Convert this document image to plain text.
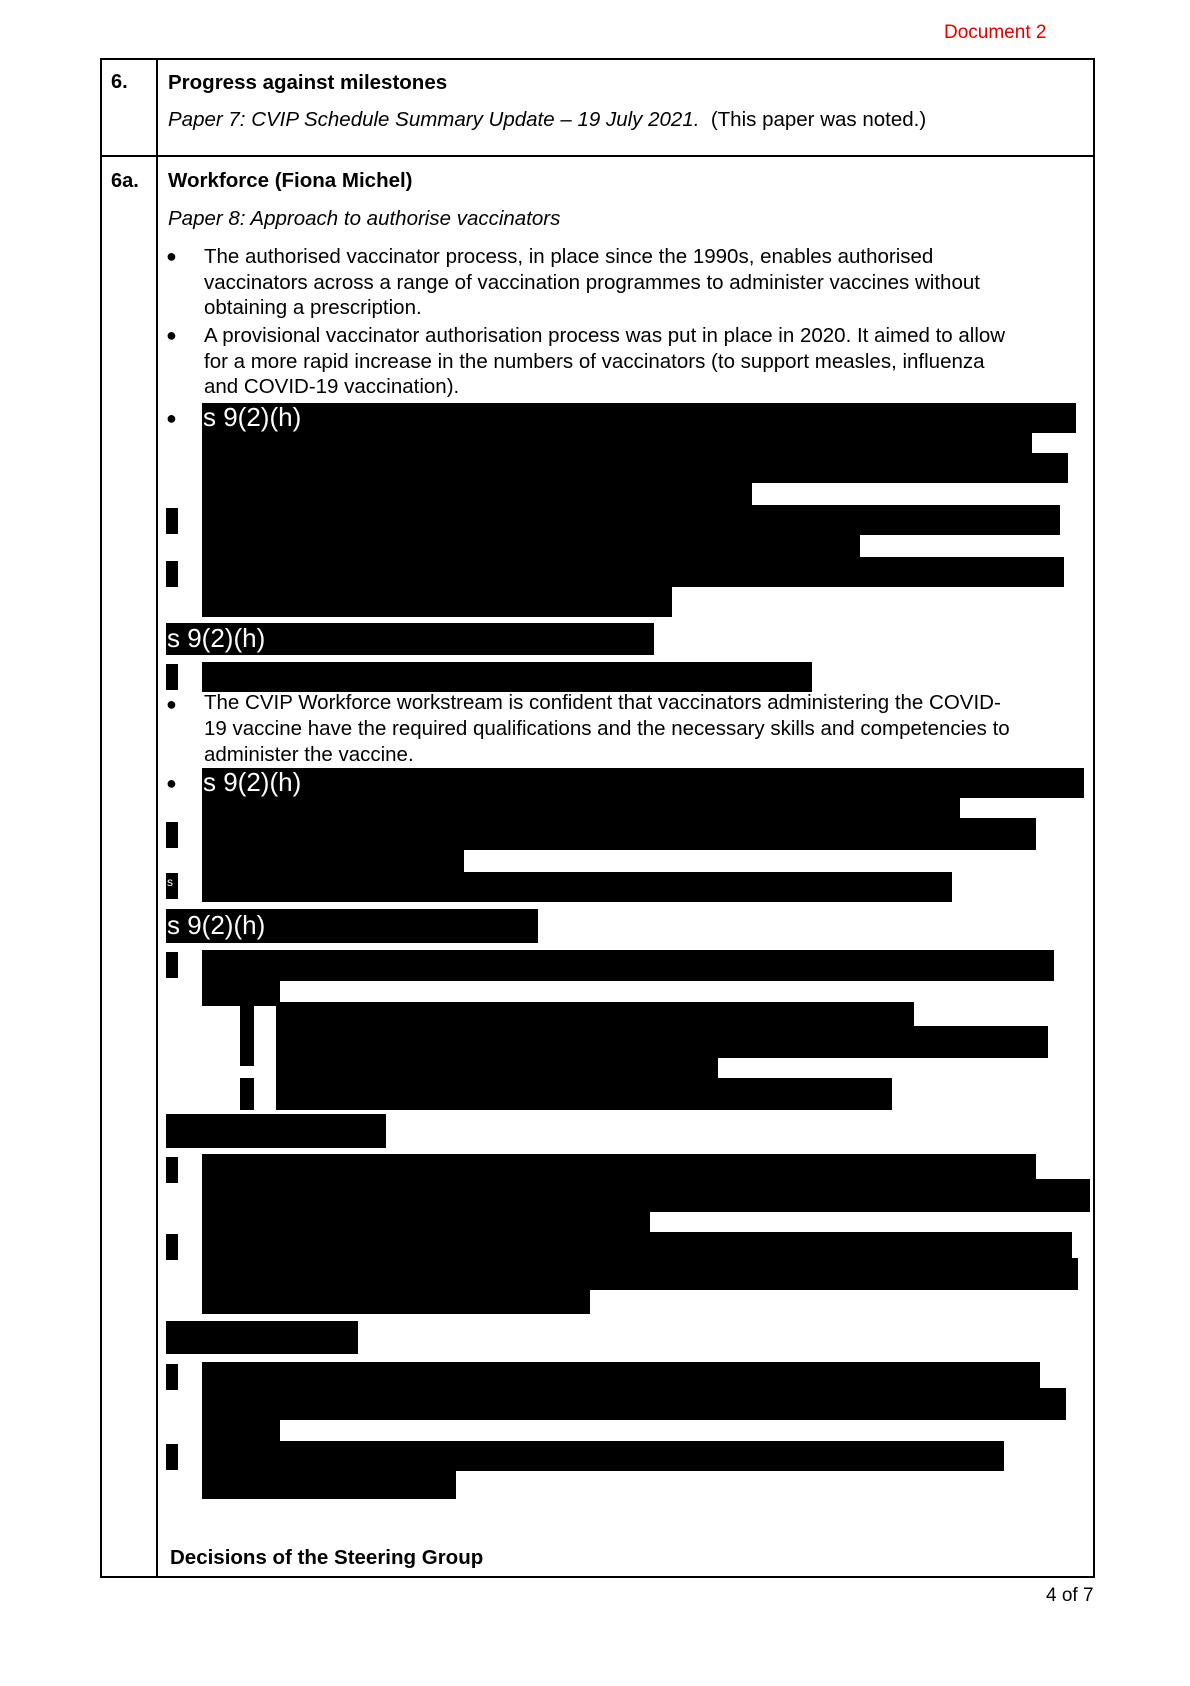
Document 2
6. Progress against milestones
Paper 7: CVIP Schedule Summary Update – 19 July 2021. (This paper was noted.)
6a. Workforce (Fiona Michel)
Paper 8: Approach to authorise vaccinators
● The authorised vaccinator process, in place since the 1990s, enables authorised
vaccinators across a range of vaccination programmes to administer vaccines without
obtaining a prescription.
● A provisional vaccinator authorisation process was put in place in 2020. It aimed to allow
for a more rapid increase in the numbers of vaccinators (to support measles, influenza
and COVID-19 vaccination).
● s 9(2)(h)
s 9(2)(h)
● The CVIP Workforce workstream is confident that vaccinators administering the COVID-
19 vaccine have the required qualifications and the necessary skills and competencies to
administer the vaccine.
● s 9(2)(h)
s
s 9(2)(h)
Decisions of the Steering Group
4 of 7
